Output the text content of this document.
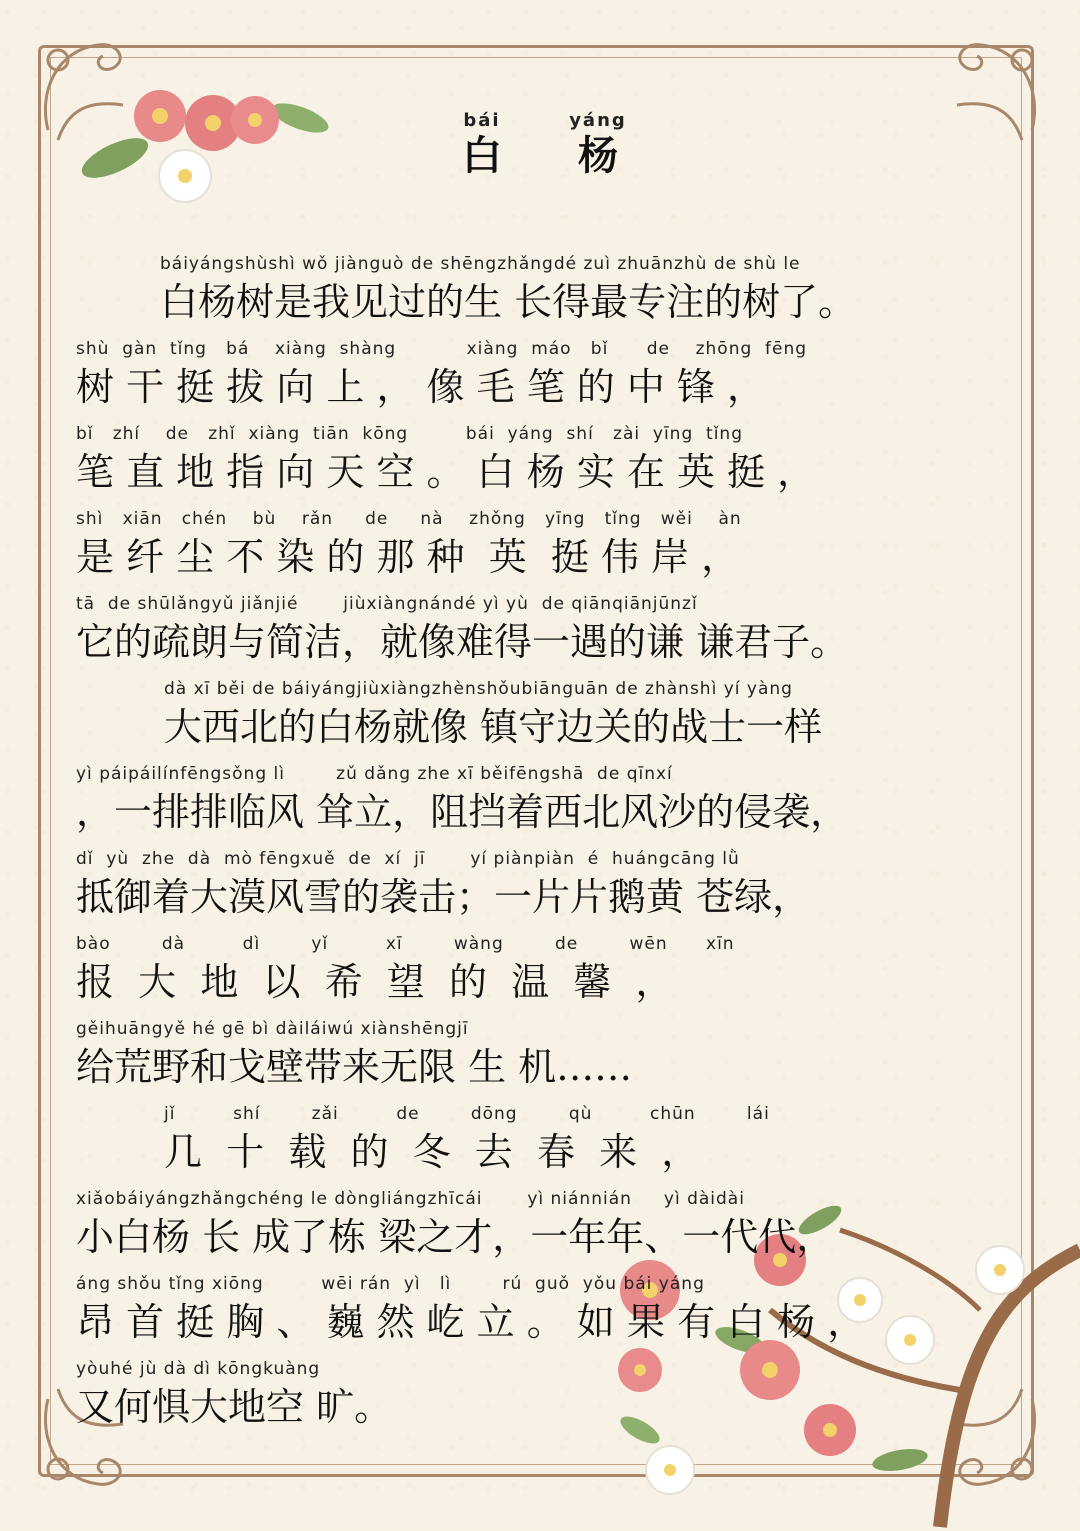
bái
白
yáng
杨
báiyángshùshì wǒ jiànguò de shēngzhǎngdé zuì zhuānzhù de shù le
白杨树是我见过的生 长得最专注的树了。
shù  gàn  tǐng   bá    xiàng  shàng           xiàng  máo   bǐ      de    zhōng  fēng
树 干 挺 拔 向 上 ， 像 毛 笔 的 中 锋 ，
bǐ   zhí    de   zhǐ  xiàng  tiān  kōng         bái  yáng  shí   zài  yīng  tǐng
笔 直 地 指 向 天 空 。 白 杨 实 在 英 挺 ，
shì   xiān   chén    bù    rǎn     de     nà    zhǒng   yīng   tǐng   wěi    àn
是 纤 尘 不 染 的 那 种  英  挺 伟 岸 ，
tā  de shūlǎngyǔ jiǎnjié       jiùxiàngnándé yì yù  de qiānqiānjūnzǐ
它的疏朗与简洁，就像难得一遇的谦 谦君子。
dà xī běi de báiyángjiùxiàngzhènshǒubiānguān de zhànshì yí yàng
大西北的白杨就像 镇守边关的战士一样
yì páipáilínfēngsǒng lì        zǔ dǎng zhe xī běifēngshā  de qīnxí
，一排排临风 耸立，阻挡着西北风沙的侵袭，
dǐ  yù  zhe  dà  mò fēngxuě  de  xí  jī       yí piànpiàn  é  huángcāng lǜ
抵御着大漠风雪的袭击；一片片鹅黄 苍绿，
bào        dà         dì        yǐ         xī        wàng        de        wēn      xīn
报  大  地  以  希  望  的  温  馨  ，
gěihuāngyě hé gē bì dàiláiwú xiànshēngjī
给荒野和戈壁带来无限 生 机……
jǐ         shí        zǎi         de        dōng        qù         chūn        lái
几  十  载  的  冬  去  春  来  ，
xiǎobáiyángzhǎngchéng le dòngliángzhīcái       yì niánnián     yì dàidài
小白杨 长 成了栋 梁之才，一年年、一代代，
áng shǒu tǐng xiōng         wēi rán  yì   lì        rú  guǒ  yǒu bái yáng
昂 首 挺 胸 、 巍 然 屹 立 。 如 果 有 白 杨 ，
yòuhé jù dà dì kōngkuàng
又何惧大地空 旷。
